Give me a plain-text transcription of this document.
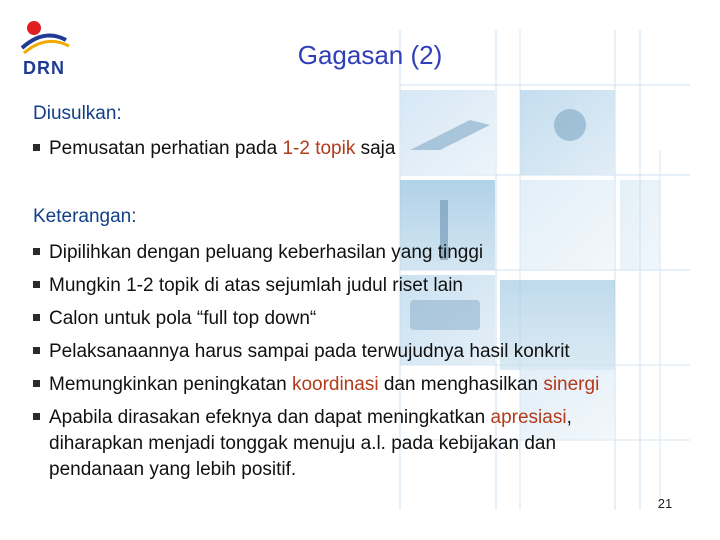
DRN	Gagasan (2)
Diusulkan:
Pemusatan perhatian pada 1-2 topik saja
Keterangan:
Dipilihkan dengan peluang keberhasilan yang tinggi
Mungkin 1-2 topik di atas sejumlah judul riset lain
Calon untuk pola “full top down“
Pelaksanaannya harus sampai pada terwujudnya hasil konkrit
Memungkinkan peningkatan koordinasi dan menghasilkan sinergi
Apabila dirasakan efeknya dan dapat meningkatkan apresiasi,
diharapkan menjadi tonggak menuju a.l. pada kebijakan dan
pendanaan yang lebih positif.
21
